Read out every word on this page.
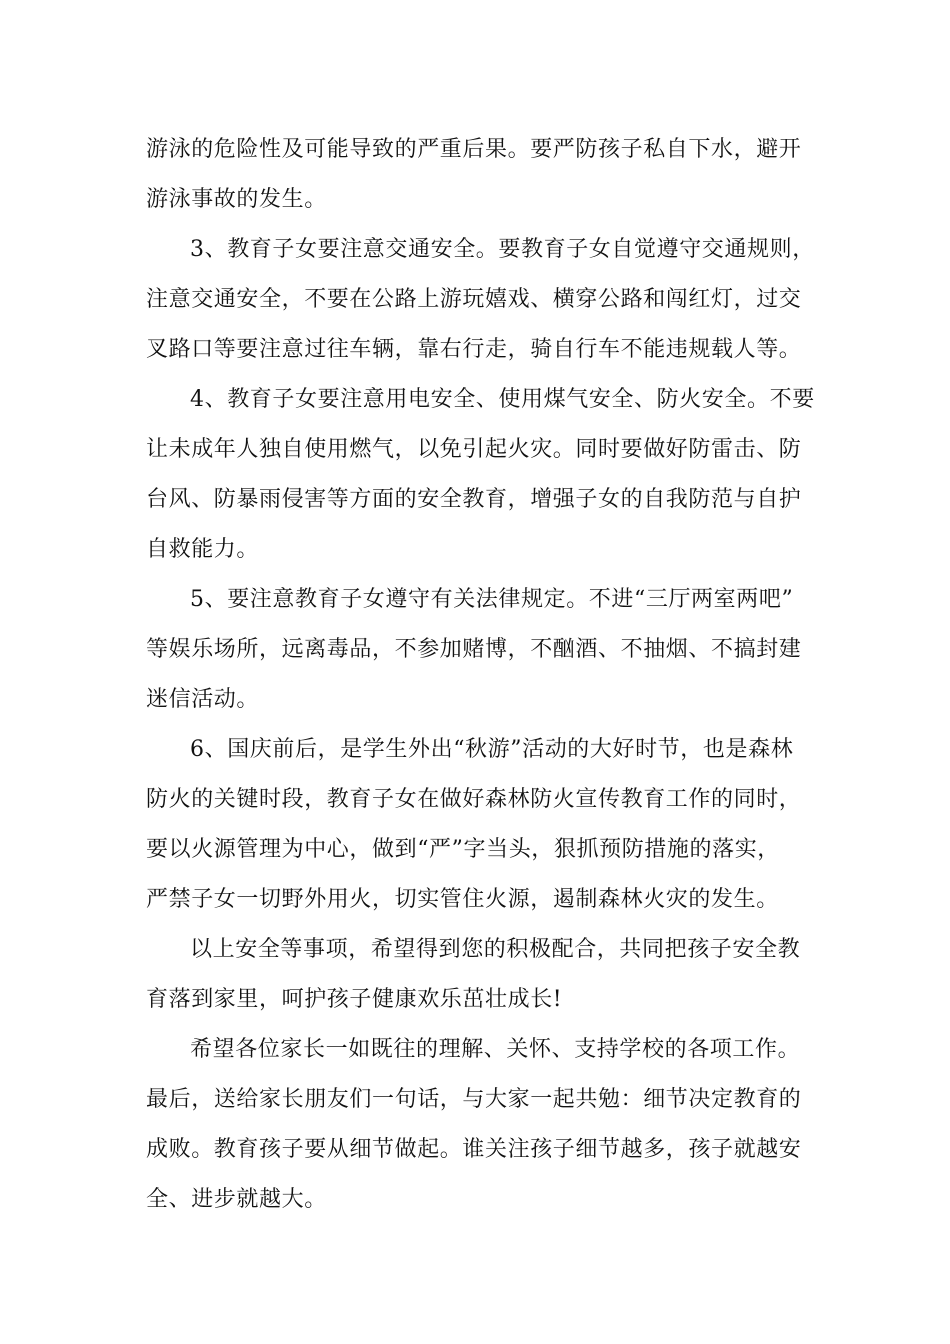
游泳的危险性及可能导致的严重后果。要严防孩子私自下水，避开
游泳事故的发生。
3、教育子女要注意交通安全。要教育子女自觉遵守交通规则，
注意交通安全，不要在公路上游玩嬉戏、横穿公路和闯红灯，过交
叉路口等要注意过往车辆，靠右行走，骑自行车不能违规载人等。
4、教育子女要注意用电安全、使用煤气安全、防火安全。不要
让未成年人独自使用燃气，以免引起火灾。同时要做好防雷击、防
台风、防暴雨侵害等方面的安全教育，增强子女的自我防范与自护
自救能力。
5、要注意教育子女遵守有关法律规定。不进“三厅两室两吧”
等娱乐场所，远离毒品，不参加赌博，不酗酒、不抽烟、不搞封建
迷信活动。
6、国庆前后，是学生外出“秋游”活动的大好时节，也是森林
防火的关键时段，教育子女在做好森林防火宣传教育工作的同时，
要以火源管理为中心，做到“严”字当头，狠抓预防措施的落实，
严禁子女一切野外用火，切实管住火源，遏制森林火灾的发生。
以上安全等事项，希望得到您的积极配合，共同把孩子安全教
育落到家里，呵护孩子健康欢乐茁壮成长!
希望各位家长一如既往的理解、关怀、支持学校的各项工作。
最后，送给家长朋友们一句话，与大家一起共勉：细节决定教育的
成败。教育孩子要从细节做起。谁关注孩子细节越多，孩子就越安
全、进步就越大。
